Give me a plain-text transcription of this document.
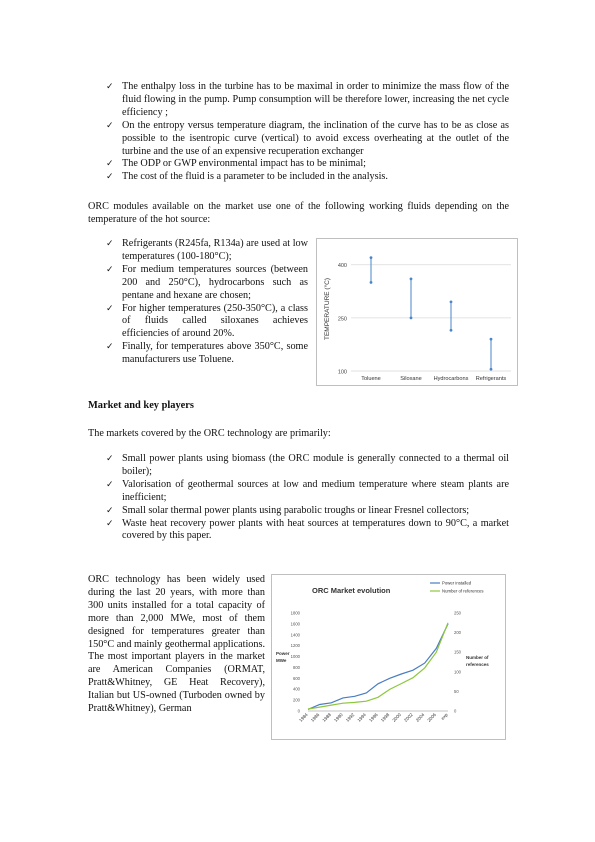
✓ The enthalpy loss in the turbine has to be maximal in order to minimize the mass flow of the fluid flowing in the pump. Pump consumption will be therefore lower, increasing the net cycle efficiency ;
✓ On the entropy versus temperature diagram, the inclination of the curve has to be as close as possible to the isentropic curve (vertical) to avoid excess overheating at the outlet of the turbine and the use of an expensive recuperation exchanger
✓ The ODP or GWP environmental impact has to be minimal;
✓ The cost of the fluid is a parameter to be included in the analysis.
ORC modules available on the market use one of the following working fluids depending on the temperature of the hot source:
✓ Refrigerants (R245fa, R134a) are used at low temperatures (100-180°C);
✓ For medium temperatures sources (between 200 and 250°C), hydrocarbons such as pentane and hexane are chosen;
✓ For higher temperatures (250-350°C), a class of fluids called siloxanes achieves efficiencies of around 20%.
✓ Finally, for temperatures above 350°C, some manufacturers use Toluene.
100
250
400
TEMPERATURE (°C)
Toluene	Siloxane Hydrocarbons Refrigerants
Market and key players
The markets covered by the ORC technology are primarily:
✓ Small power plants using biomass (the ORC module is generally connected to a thermal oil boiler);
✓ Valorisation of geothermal sources at low and medium temperature where steam plants are inefficient;
✓ Small solar thermal power plants using parabolic troughs or linear Fresnel collectors;
✓ Waste heat recovery power plants with heat sources at temperatures down to 90°C, a market covered by this paper.
ORC technology has been widely used during the last 20 years, with more than 300 units installed for a total capacity of more than 2,000 MWe, most of them designed for temperatures greater than 150°C and mainly geothermal applications. The most important players in the market are American Companies (ORMAT, Pratt&Whitney, GE Heat Recovery), Italian but US-owned (Turboden owned by Pratt&Whitney), German
ORC Market evolution
0
200
400
600
800
1000
1200
1400
1600
1800
0
50
100
150
200
250
Power
MWe
Number of
references
1984 1986 1988 1990 1992 1994 1996 1998 2000 2002 2004 2006 exp
Power installed
Number of references
